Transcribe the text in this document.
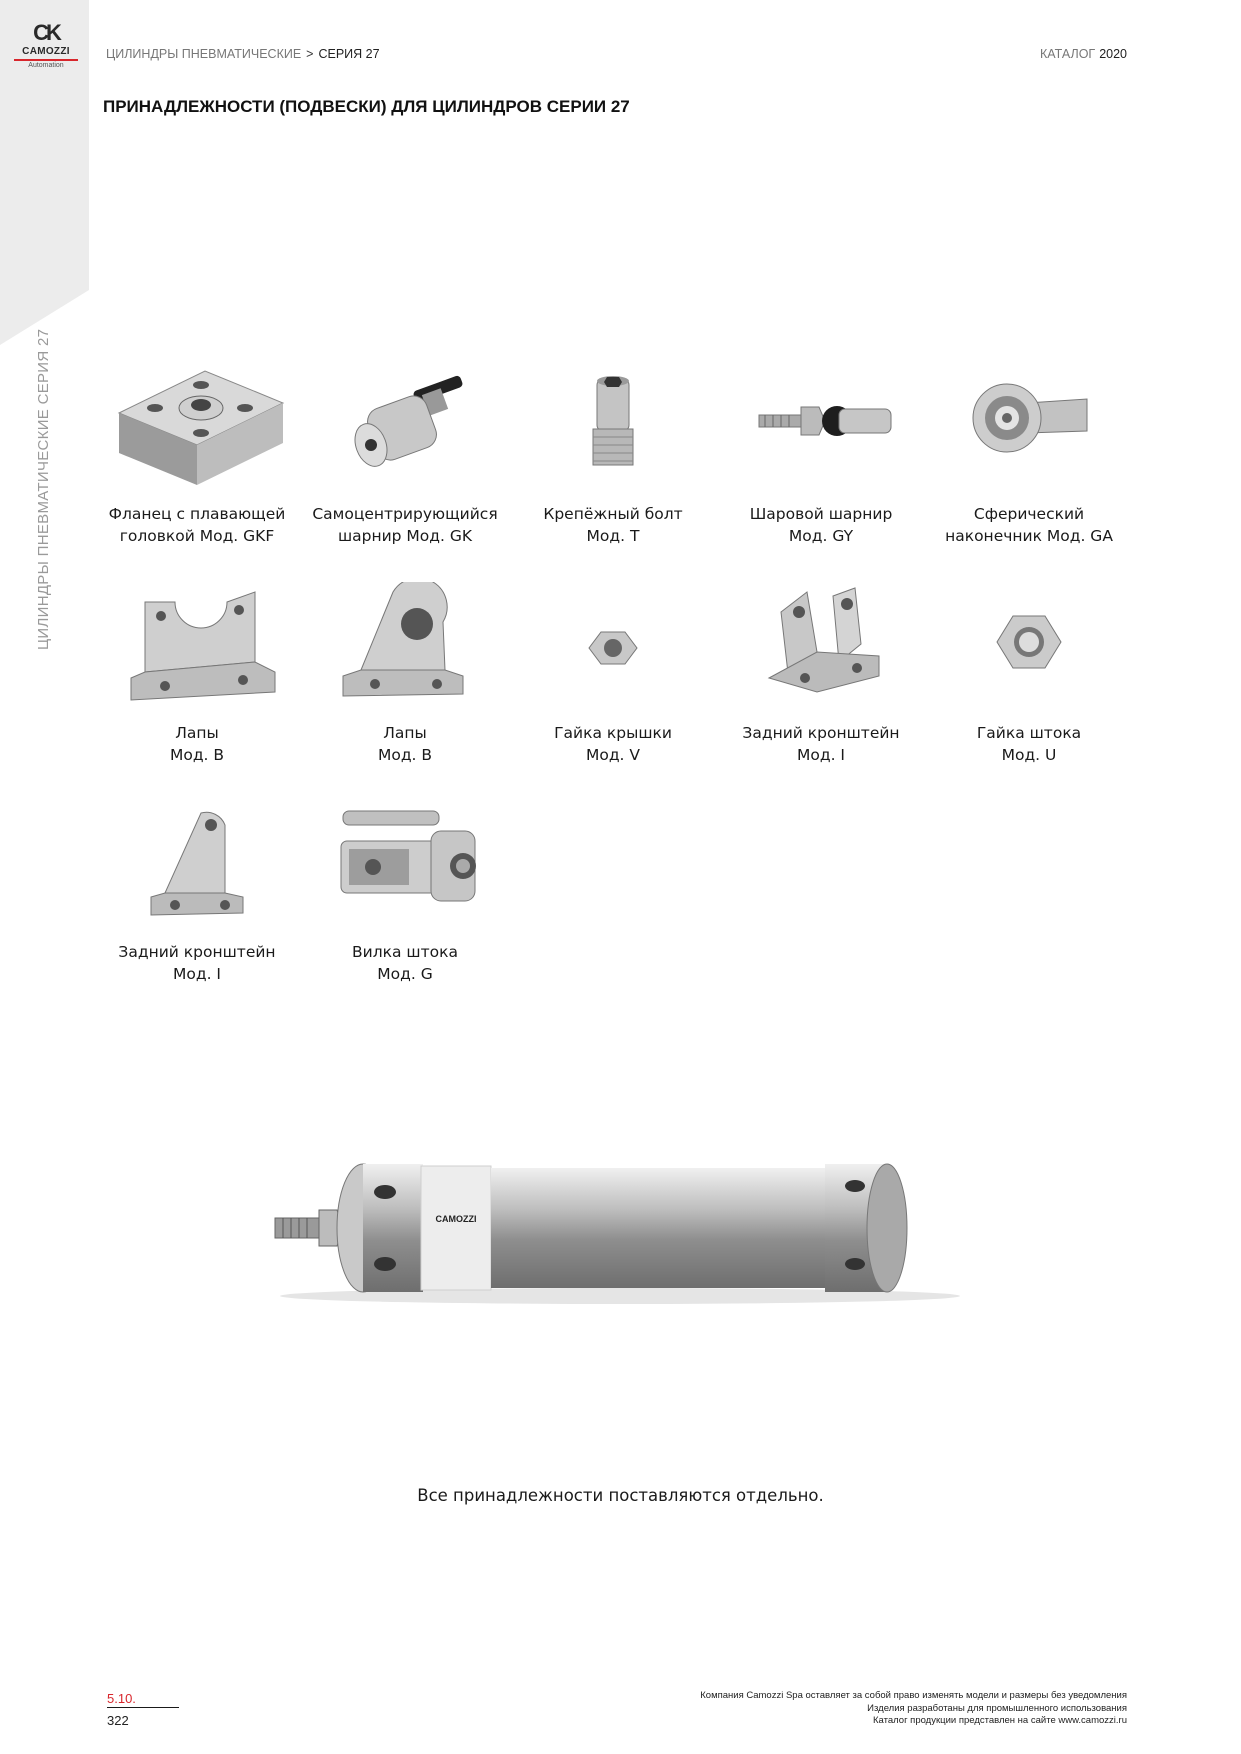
CK
CAMOZZI
Automation
ЦИЛИНДРЫ ПНЕВМАТИЧЕСКИЕ СЕРИЯ 27
ЦИЛИНДРЫ ПНЕВМАТИЧЕСКИЕ > СЕРИЯ 27	КАТАЛОГ 2020
ПРИНАДЛЕЖНОСТИ (ПОДВЕСКИ) ДЛЯ ЦИЛИНДРОВ СЕРИИ 27
Фланец с плавающей
головкой Мод. GKF
Самоцентрирующийся
шарнир Мод. GK
Крепёжный болт
Мод. T
Шаровой шарнир
Мод. GY
Сферический
наконечник Мод. GA
Лапы
Мод. B
Лапы
Мод. B
Гайка крышки
Мод. V
Задний кронштейн
Мод. I
Гайка штока
Мод. U
Задний кронштейн
Мод. I
Вилка штока
Мод. G
CAMOZZI
Все принадлежности поставляются отдельно.
5.10.
322
Компания Camozzi Spa оставляет за собой право изменять модели и размеры без уведомления
Изделия разработаны для промышленного использования
Каталог продукции представлен на сайте www.camozzi.ru
